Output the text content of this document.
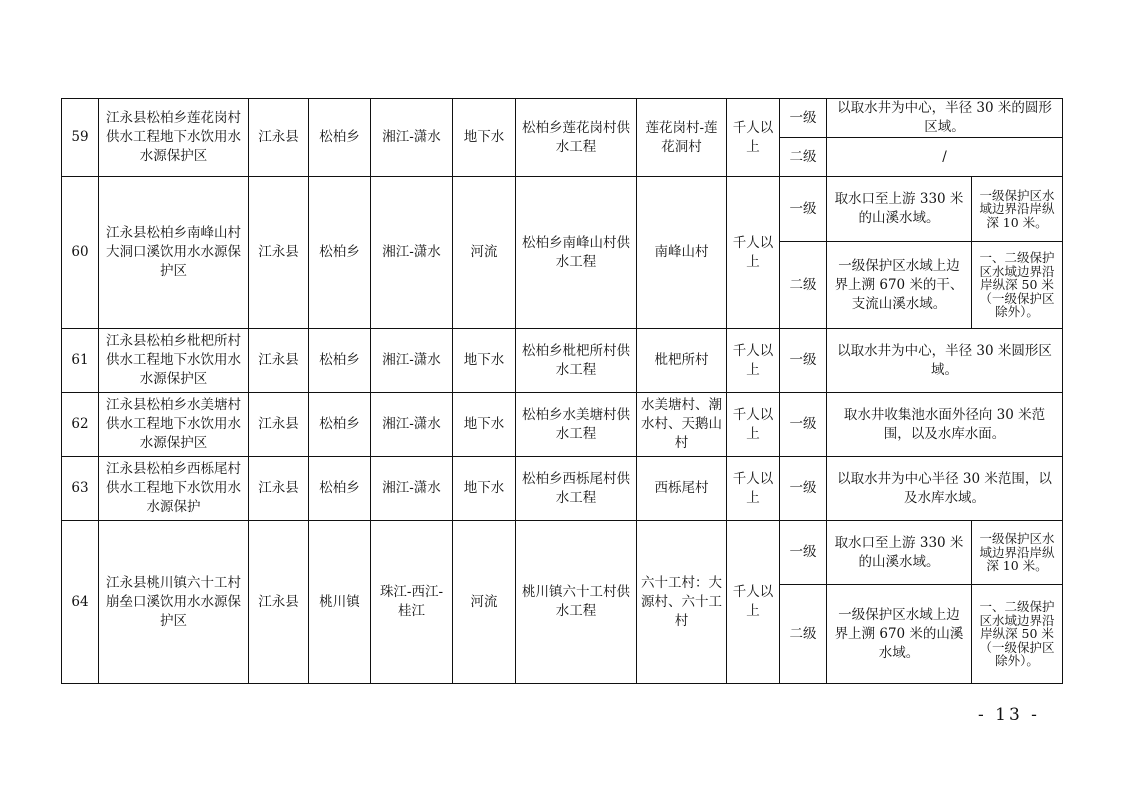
59	江永县松柏乡莲花岗村供水工程地下水饮用水水源保护区	江永县	松柏乡	湘江-潇水	地下水	松柏乡莲花岗村供水工程	莲花岗村-莲花洞村	千人以上	一级	以取水井为中心，半径 30 米的圆形区域。	
									二级	/	
60	江永县松柏乡南峰山村大洞口溪饮用水水源保护区	江永县	松柏乡	湘江-潇水	河流	松柏乡南峰山村供水工程	南峰山村	千人以上	一级	取水口至上游 330 米的山溪水域。	一级保护区水域边界沿岸纵深 10 米。
									二级	一级保护区水域上边界上溯 670 米的干、支流山溪水域。	一、二级保护区水域边界沿岸纵深 50 米（一级保护区除外）。
61	江永县松柏乡枇杷所村供水工程地下水饮用水水源保护区	江永县	松柏乡	湘江-潇水	地下水	松柏乡枇杷所村供水工程	枇杷所村	千人以上	一级	以取水井为中心，半径 30 米圆形区域。	
62	江永县松柏乡水美塘村供水工程地下水饮用水水源保护区	江永县	松柏乡	湘江-潇水	地下水	松柏乡水美塘村供水工程	水美塘村、潮水村、天鹅山村	千人以上	一级	取水井收集池水面外径向 30 米范围，以及水库水面。	
63	江永县松柏乡西栎尾村供水工程地下水饮用水水源保护	江永县	松柏乡	湘江-潇水	地下水	松柏乡西栎尾村供水工程	西栎尾村	千人以上	一级	以取水井为中心半径 30 米范围，以及水库水域。	
64	江永县桃川镇六十工村崩垒口溪饮用水水源保护区	江永县	桃川镇	珠江-西江-桂江	河流	桃川镇六十工村供水工程	六十工村：大源村、六十工村	千人以上	一级	取水口至上游 330 米的山溪水域。	一级保护区水域边界沿岸纵深 10 米。
									二级	一级保护区水域上边界上溯 670 米的山溪水域。	一、二级保护区水域边界沿岸纵深 50 米（一级保护区除外）。
- 13 -
